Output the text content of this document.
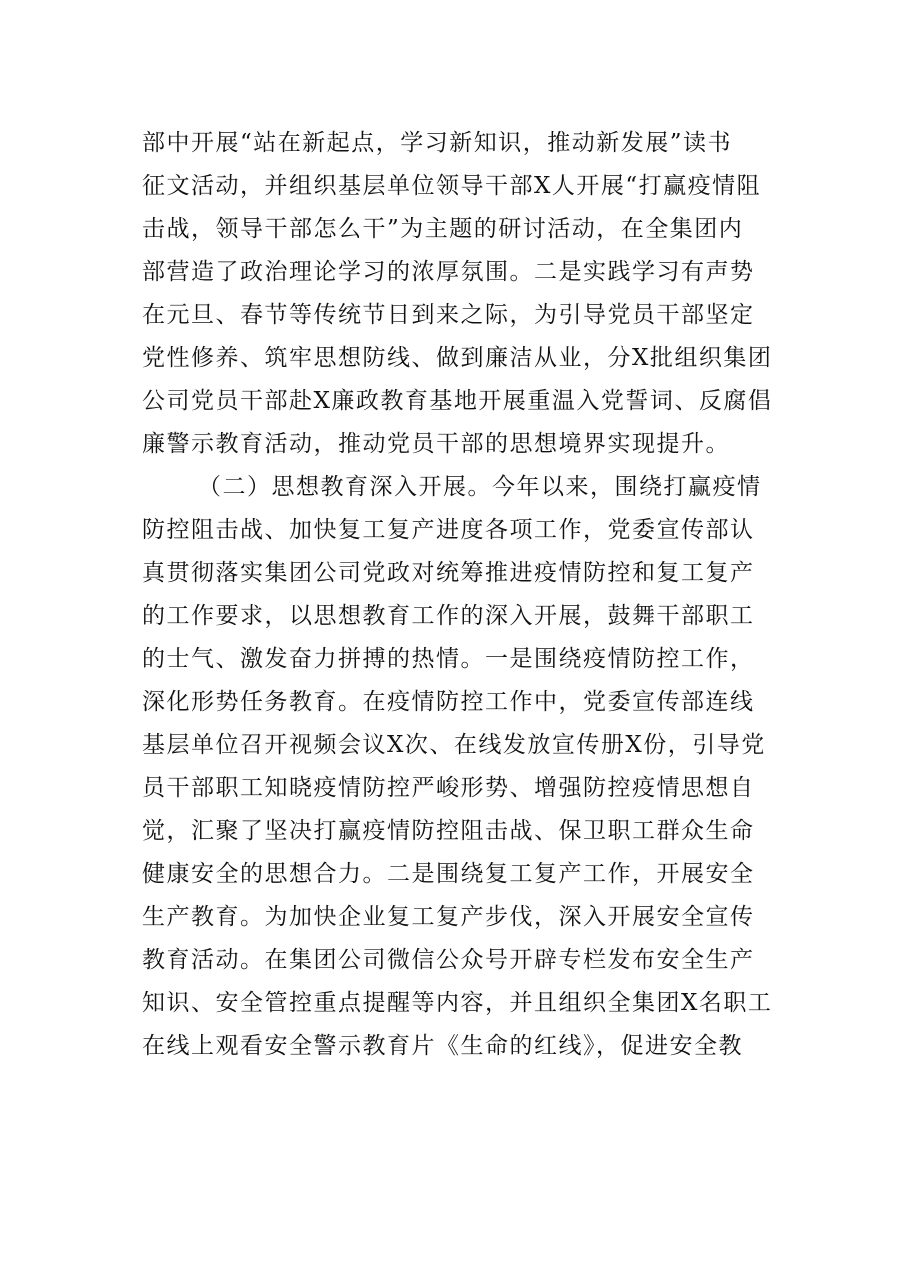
部中开展“站在新起点，学习新知识，推动新发展”读书

征文活动，并组织基层单位领导干部X人开展“打赢疫情阻

击战，领导干部怎么干”为主题的研讨活动，在全集团内

部营造了政治理论学习的浓厚氛围。二是实践学习有声势

在元旦、春节等传统节日到来之际，为引导党员干部坚定

党性修养、筑牢思想防线、做到廉洁从业，分X批组织集团

公司党员干部赴X廉政教育基地开展重温入党誓词、反腐倡

廉警示教育活动，推动党员干部的思想境界实现提升。

（二）思想教育深入开展。今年以来，围绕打赢疫情

防控阻击战、加快复工复产进度各项工作，党委宣传部认

真贯彻落实集团公司党政对统筹推进疫情防控和复工复产

的工作要求，以思想教育工作的深入开展，鼓舞干部职工

的士气、激发奋力拼搏的热情。一是围绕疫情防控工作，

深化形势任务教育。在疫情防控工作中，党委宣传部连线

基层单位召开视频会议X次、在线发放宣传册X份，引导党

员干部职工知晓疫情防控严峻形势、增强防控疫情思想自

觉，汇聚了坚决打赢疫情防控阻击战、保卫职工群众生命

健康安全的思想合力。二是围绕复工复产工作，开展安全

生产教育。为加快企业复工复产步伐，深入开展安全宣传

教育活动。在集团公司微信公众号开辟专栏发布安全生产

知识、安全管控重点提醒等内容，并且组织全集团X名职工

在线上观看安全警示教育片《生命的红线》，促进安全教
